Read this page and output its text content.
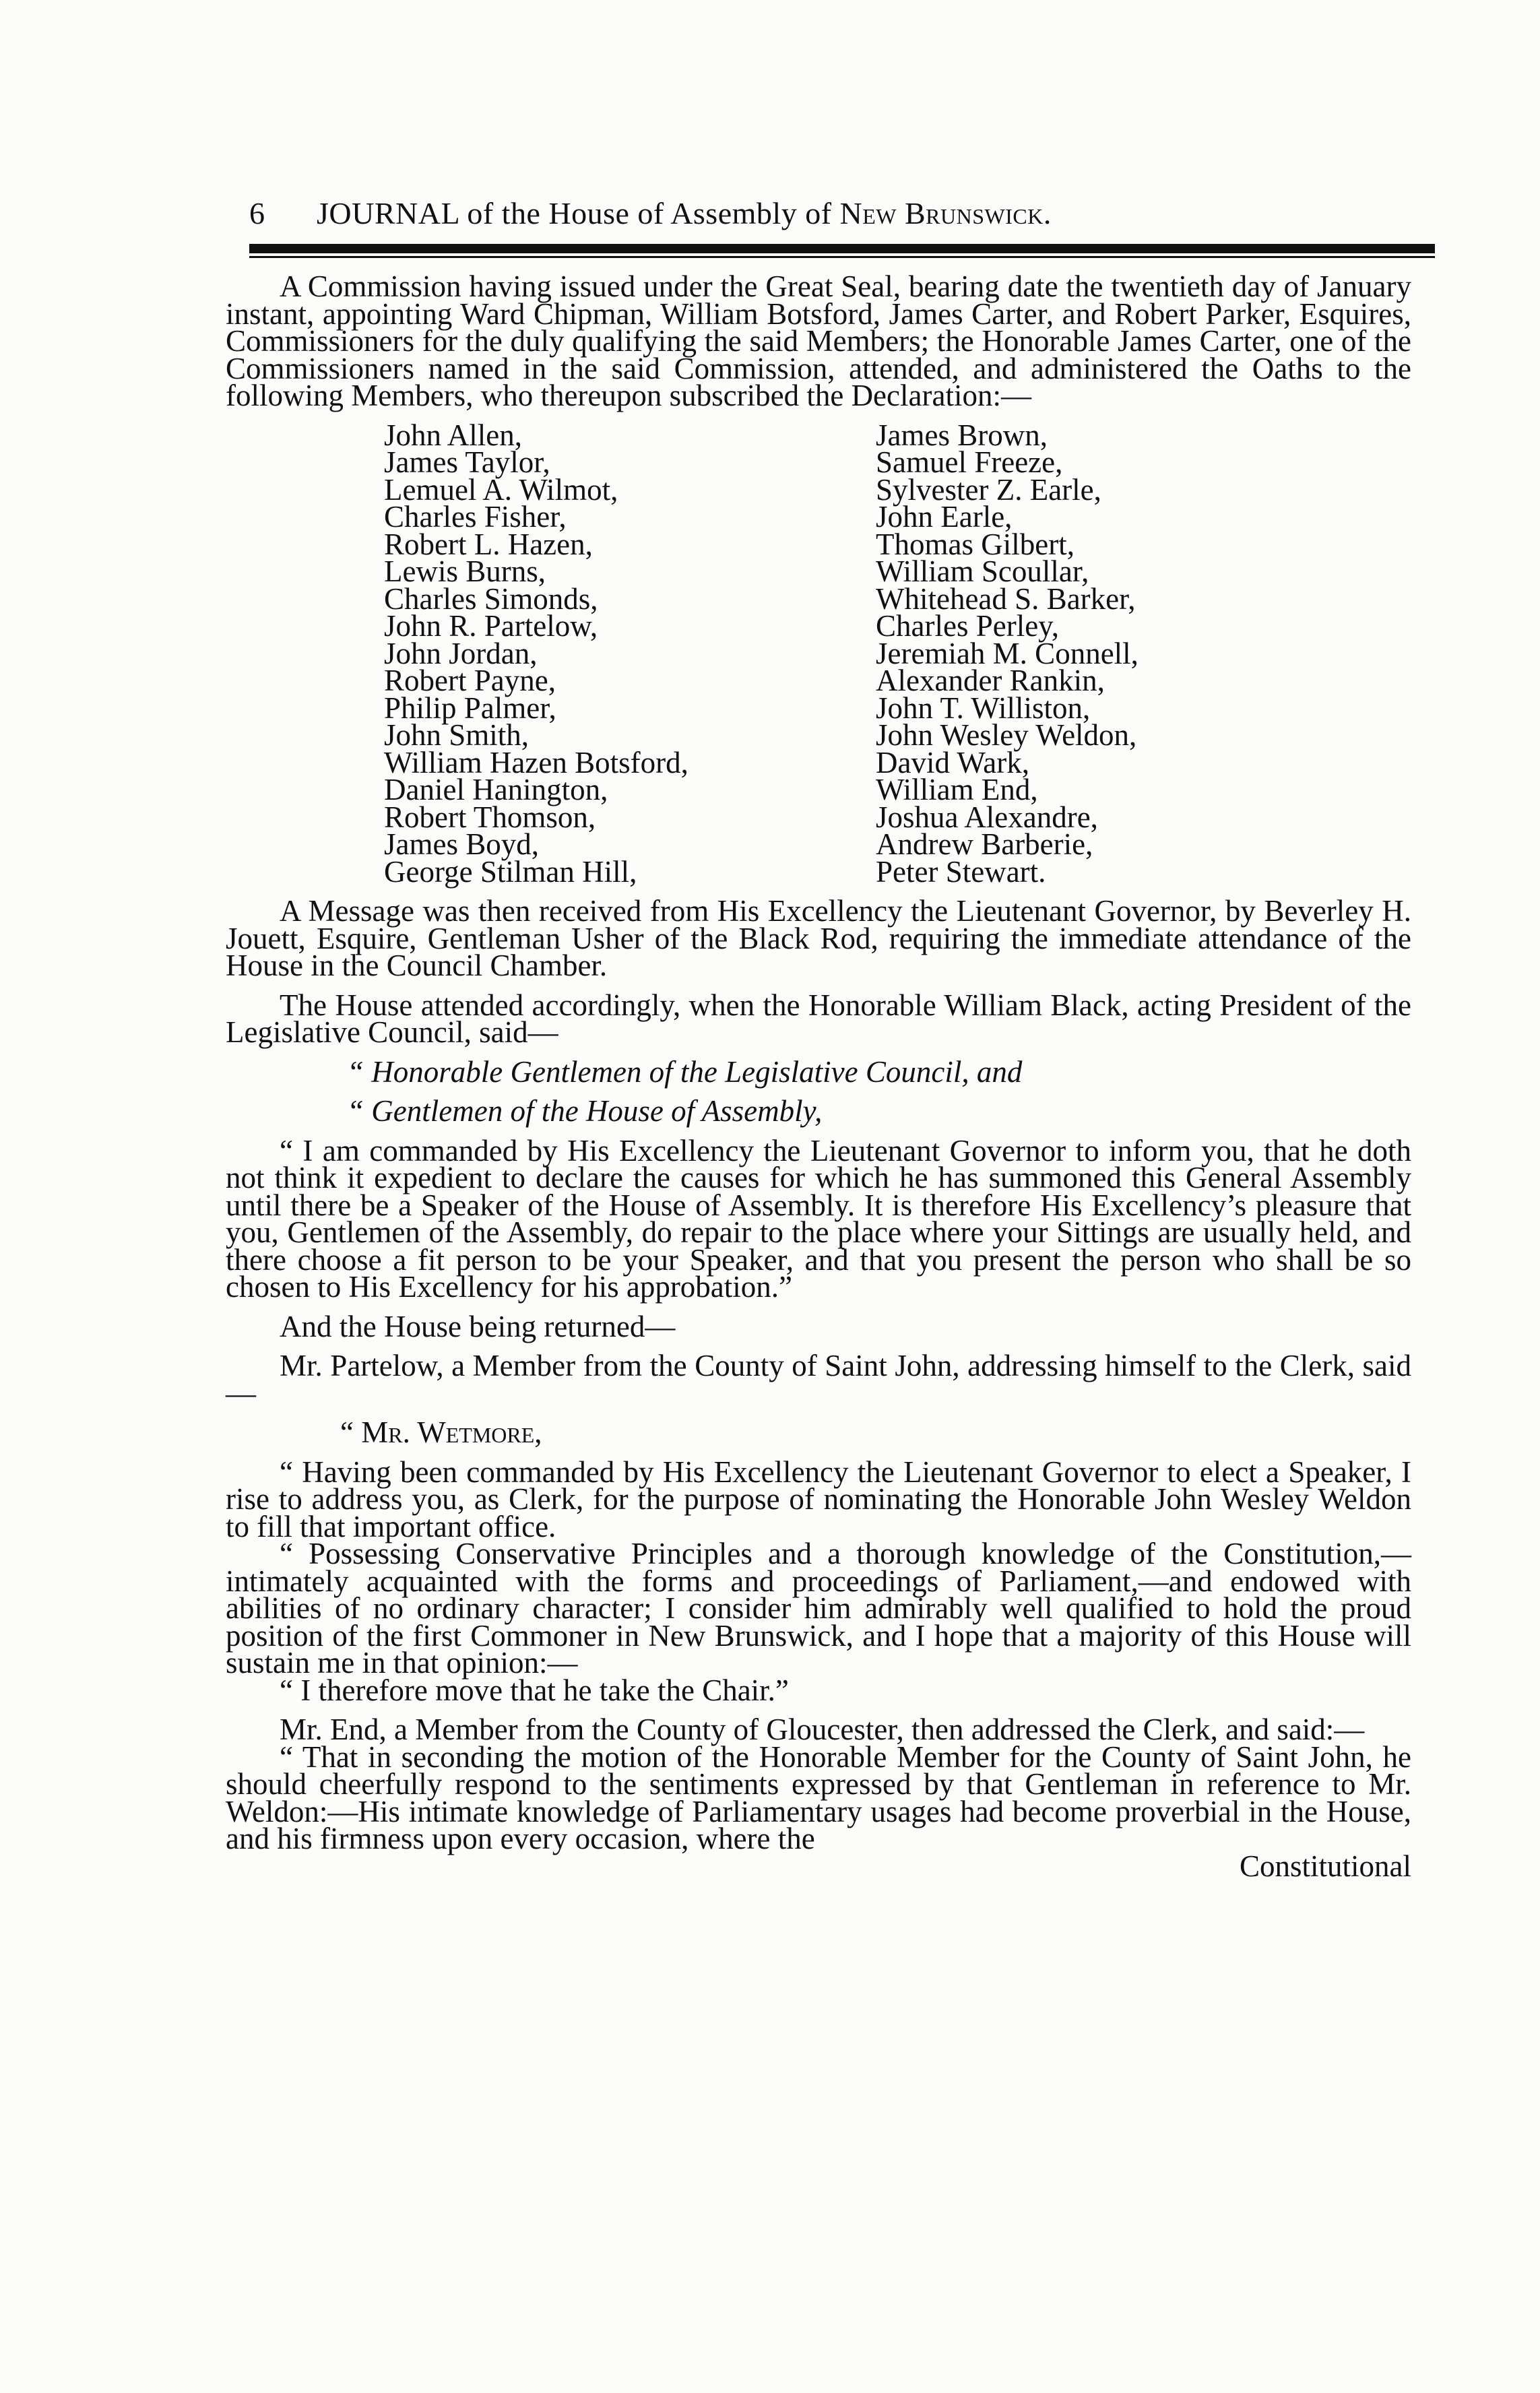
6 JOURNAL of the House of Assembly of New Brunswick.

A Commission having issued under the Great Seal, bearing date the twentieth day of January instant, appointing Ward Chipman, William Botsford, James Carter, and Robert Parker, Esquires, Commissioners for the duly qualifying the said Members; the Honorable James Carter, one of the Commissioners named in the said Commission, attended, and administered the Oaths to the following Members, who thereupon subscribed the Declaration:—

John Allen,
James Taylor,
Lemuel A. Wilmot,
Charles Fisher,
Robert L. Hazen,
Lewis Burns,
Charles Simonds,
John R. Partelow,
John Jordan,
Robert Payne,
Philip Palmer,
John Smith,
William Hazen Botsford,
Daniel Hanington,
Robert Thomson,
James Boyd,
George Stilman Hill,
James Brown,
Samuel Freeze,
Sylvester Z. Earle,
John Earle,
Thomas Gilbert,
William Scoullar,
Whitehead S. Barker,
Charles Perley,
Jeremiah M. Connell,
Alexander Rankin,
John T. Williston,
John Wesley Weldon,
David Wark,
William End,
Joshua Alexandre,
Andrew Barberie,
Peter Stewart.

A Message was then received from His Excellency the Lieutenant Governor, by Beverley H. Jouett, Esquire, Gentleman Usher of the Black Rod, requiring the immediate attendance of the House in the Council Chamber.

The House attended accordingly, when the Honorable William Black, acting President of the Legislative Council, said—

“ Honorable Gentlemen of the Legislative Council, and

“ Gentlemen of the House of Assembly,

“ I am commanded by His Excellency the Lieutenant Governor to inform you, that he doth not think it expedient to declare the causes for which he has summoned this General Assembly until there be a Speaker of the House of Assembly. It is therefore His Excellency’s pleasure that you, Gentlemen of the Assembly, do repair to the place where your Sittings are usually held, and there choose a fit person to be your Speaker, and that you present the person who shall be so chosen to His Excellency for his approbation.”

And the House being returned—

Mr. Partelow, a Member from the County of Saint John, addressing himself to the Clerk, said—

“ Mr. Wetmore,

“ Having been commanded by His Excellency the Lieutenant Governor to elect a Speaker, I rise to address you, as Clerk, for the purpose of nominating the Honorable John Wesley Weldon to fill that important office.

“ Possessing Conservative Principles and a thorough knowledge of the Constitution,— intimately acquainted with the forms and proceedings of Parliament,—and endowed with abilities of no ordinary character; I consider him admirably well qualified to hold the proud position of the first Commoner in New Brunswick, and I hope that a majority of this House will sustain me in that opinion:—

“ I therefore move that he take the Chair.”

Mr. End, a Member from the County of Gloucester, then addressed the Clerk, and said:—

“ That in seconding the motion of the Honorable Member for the County of Saint John, he should cheerfully respond to the sentiments expressed by that Gentleman in reference to Mr. Weldon:—His intimate knowledge of Parliamentary usages had become proverbial in the House, and his firmness upon every occasion, where the

Constitutional
